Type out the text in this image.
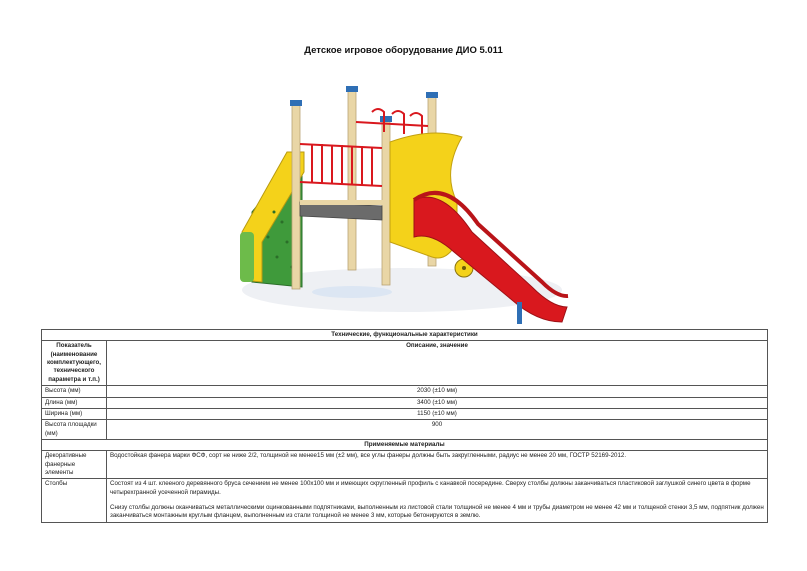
Детское игровое оборудование ДИО 5.011
Технические, функциональные характеристики	
Показатель (наименование комплектующего, технического параметра и т.п.)	Описание, значение
Высота (мм)	2030 (±10 мм)
Длина (мм)	3400 (±10 мм)
Ширина (мм)	1150 (±10 мм)
Высота площадки (мм)	900
Применяемые материалы	
Декоративные фанерные элементы	Водостойкая фанера марки ФСФ, сорт не ниже 2/2, толщиной не менее15 мм (±2 мм), все углы фанеры должны быть закругленными, радиус не менее 20 мм, ГОСТР 52169-2012.
Столбы	Состоят из 4 шт. клееного деревянного бруса сечением не менее 100х100 мм и имеющих скругленный профиль с канавкой посередине. Сверху столбы должны заканчиваться пластиковой заглушкой синего цвета в форме четырехгранной усеченной пирамиды.

Снизу столбы должны оканчиваться металлическими оцинкованными подпятниками, выполненным из листовой стали толщиной не менее 4 мм и трубы диаметром не менее 42 мм и толщеной стенки 3,5 мм, подпятник должен заканчиваться монтажным круглым фланцем, выполненным из стали толщиной не менее 3 мм, которые бетонируются в землю.
